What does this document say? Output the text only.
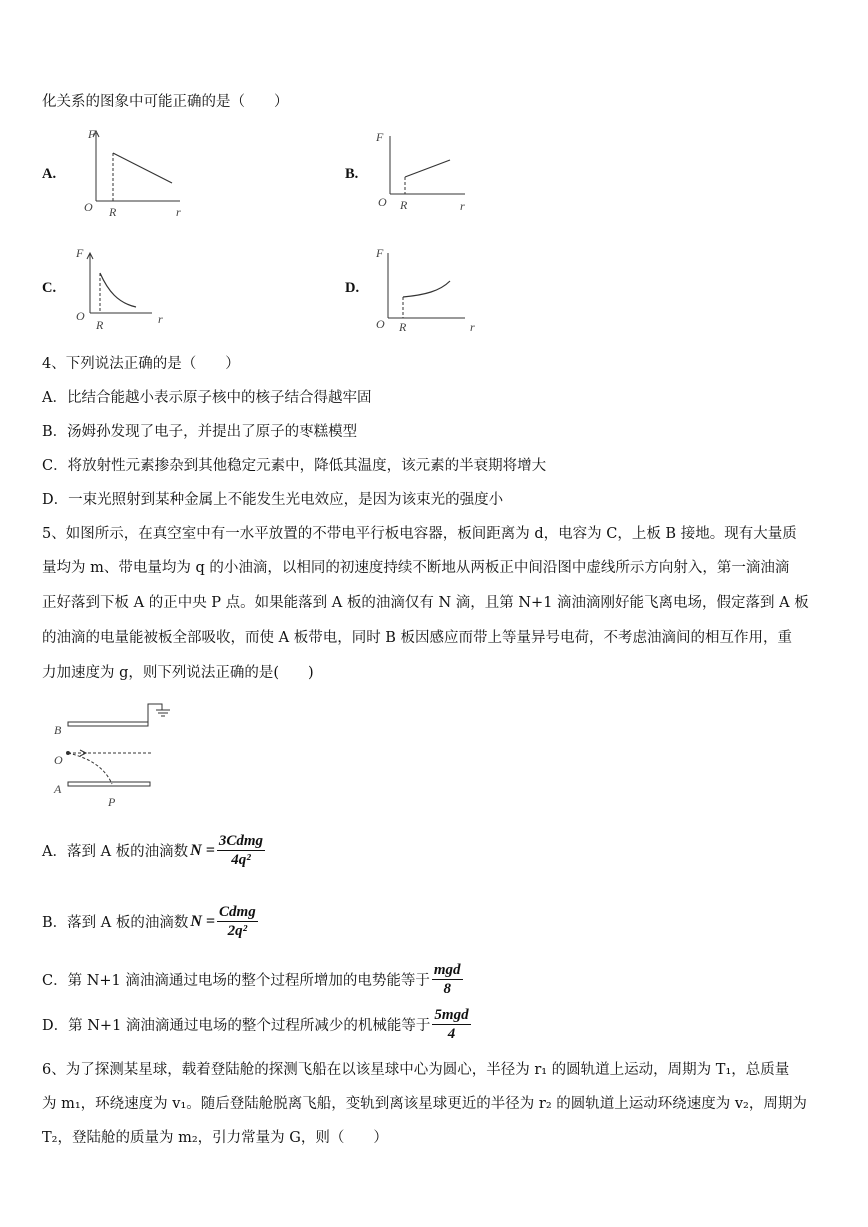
化关系的图象中可能正确的是（　　）
A.	B.
C.	D.
F
O R	r
F
O R	r
F
O
R	r
F
O R	r
4、下列说法正确的是（　　）
A．比结合能越小表示原子核中的核子结合得越牢固
B．汤姆孙发现了电子，并提出了原子的枣糕模型
C．将放射性元素掺杂到其他稳定元素中，降低其温度，该元素的半衰期将增大
D．一束光照射到某种金属上不能发生光电效应，是因为该束光的强度小
5、如图所示，在真空室中有一水平放置的不带电平行板电容器，板间距离为 d，电容为 C，上板 B 接地。现有大量质
量均为 m、带电量均为 q 的小油滴，以相同的初速度持续不断地从两板正中间沿图中虚线所示方向射入，第一滴油滴
正好落到下板 A 的正中央 P 点。如果能落到 A 板的油滴仅有 N 滴，且第 N+1 滴油滴刚好能飞离电场，假定落到 A 板
的油滴的电量能被板全部吸收，而使 A 板带电，同时 B 板因感应而带上等量异号电荷，不考虑油滴间的相互作用，重
力加速度为 g，则下列说法正确的是(　　)
B
O
A
P
A．落到 A 板的油滴数 $N = \frac{\text{3Cdmg}}{\text{4q²}}$
B．落到 A 板的油滴数 $N = \frac{\text{Cdmg}}{\text{2q²}}$
C．第 N+1 滴油滴通过电场的整个过程所增加的电势能等于 $\frac{\text{mgd}}{8}$
D．第 N+1 滴油滴通过电场的整个过程所减少的机械能等于 $\frac{\text{5mgd}}{4}$
6、为了探测某星球，载着登陆舱的探测飞船在以该星球中心为圆心，半径为 r₁ 的圆轨道上运动，周期为 T₁，总质量
为 m₁，环绕速度为 v₁。随后登陆舱脱离飞船，变轨到离该星球更近的半径为 r₂ 的圆轨道上运动环绕速度为 v₂，周期为
T₂，登陆舱的质量为 m₂，引力常量为 G，则（　　）
